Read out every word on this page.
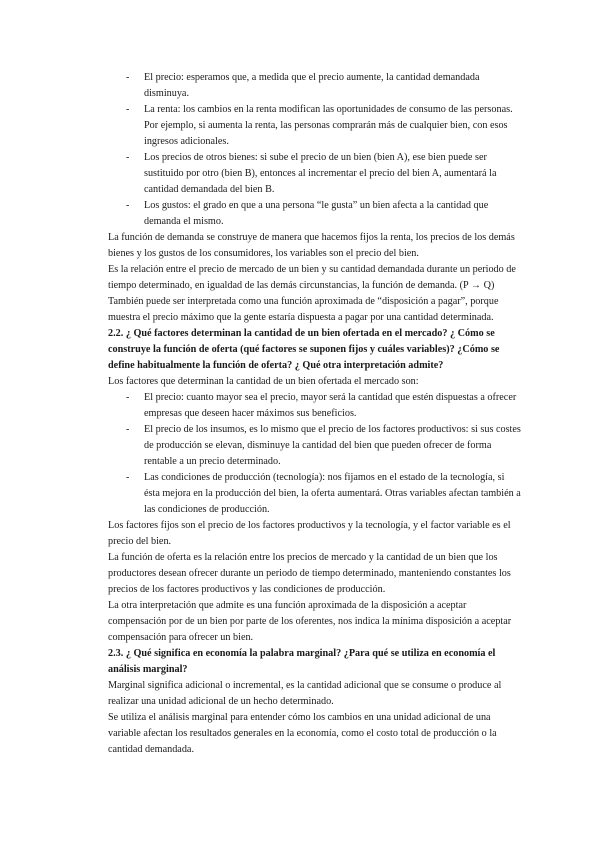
- El precio: esperamos que, a medida que el precio aumente, la cantidad demandada disminuya.
- La renta: los cambios en la renta modifican las oportunidades de consumo de las personas. Por ejemplo, si aumenta la renta, las personas comprarán más de cualquier bien, con esos ingresos adicionales.
- Los precios de otros bienes: si sube el precio de un bien (bien A), ese bien puede ser sustituido por otro (bien B), entonces al incrementar el precio del bien A, aumentará la cantidad demandada del bien B.
- Los gustos: el grado en que a una persona “le gusta” un bien afecta a la cantidad que demanda el mismo.

La función de demanda se construye de manera que hacemos fijos la renta, los precios de los demás bienes y los gustos de los consumidores, los variables son el precio del bien.

Es la relación entre el precio de mercado de un bien y su cantidad demandada durante un periodo de tiempo determinado, en igualdad de las demás circunstancias, la función de demanda. (P → Q)

También puede ser interpretada como una función aproximada de “disposición a pagar”, porque muestra el precio máximo que la gente estaría dispuesta a pagar por una cantidad determinada.

2.2. ¿ Qué factores determinan la cantidad de un bien ofertada en el mercado? ¿ Cómo se construye la función de oferta (qué factores se suponen fijos y cuáles variables)? ¿Cómo se define habitualmente la función de oferta? ¿ Qué otra interpretación admite?

Los factores que determinan la cantidad de un bien ofertada el mercado son:

- El precio: cuanto mayor sea el precio, mayor será la cantidad que estén dispuestas a ofrecer empresas que deseen hacer máximos sus beneficios.
- El precio de los insumos, es lo mismo que el precio de los factores productivos: si sus costes de producción se elevan, disminuye la cantidad del bien que pueden ofrecer de forma rentable a un precio determinado.
- Las condiciones de producción (tecnología): nos fijamos en el estado de la tecnología, si ésta mejora en la producción del bien, la oferta aumentará. Otras variables afectan también a las condiciones de producción.

Los factores fijos son el precio de los factores productivos y la tecnología, y el factor variable es el precio del bien.

La función de oferta es la relación entre los precios de mercado y la cantidad de un bien que los productores desean ofrecer durante un periodo de tiempo determinado, manteniendo constantes los precios de los factores productivos y las condiciones de producción.

La otra interpretación que admite es una función aproximada de la disposición a aceptar compensación por de un bien por parte de los oferentes, nos indica la mínima disposición a aceptar compensación para ofrecer un bien.

2.3. ¿ Qué significa en economía la palabra marginal? ¿Para qué se utiliza en economía el análisis marginal?

Marginal significa adicional o incremental, es la cantidad adicional que se consume o produce al realizar una unidad adicional de un hecho determinado.

Se utiliza el análisis marginal para entender cómo los cambios en una unidad adicional de una variable afectan los resultados generales en la economía, como el costo total de producción o la cantidad demandada.
